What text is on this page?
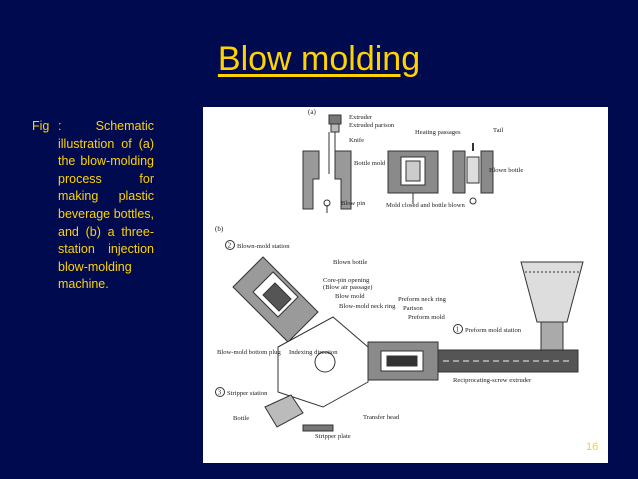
Blow molding
Fig : Schematic illustration of (a) the blow-molding process for making plastic beverage bottles, and (b) a three-station injection blow-molding machine.
(a)
Extruder
Extruded parison
Knife
Bottle mold
Blow pin
Heating passages
Mold closed and bottle blown
Tail
Blown bottle
(b)
2
1
3
Blown-mold station
Blown bottle
Core-pin opening
(Blow air passage)
Blow mold
Blow-mold neck ring
Preform neck ring
Parison
Preform mold
Preform mold station
Blow-mold bottom plug Indexing direction
Reciprocating-screw extruder
Stripper station
Bottle	Transfer head
Stripper plate
16
